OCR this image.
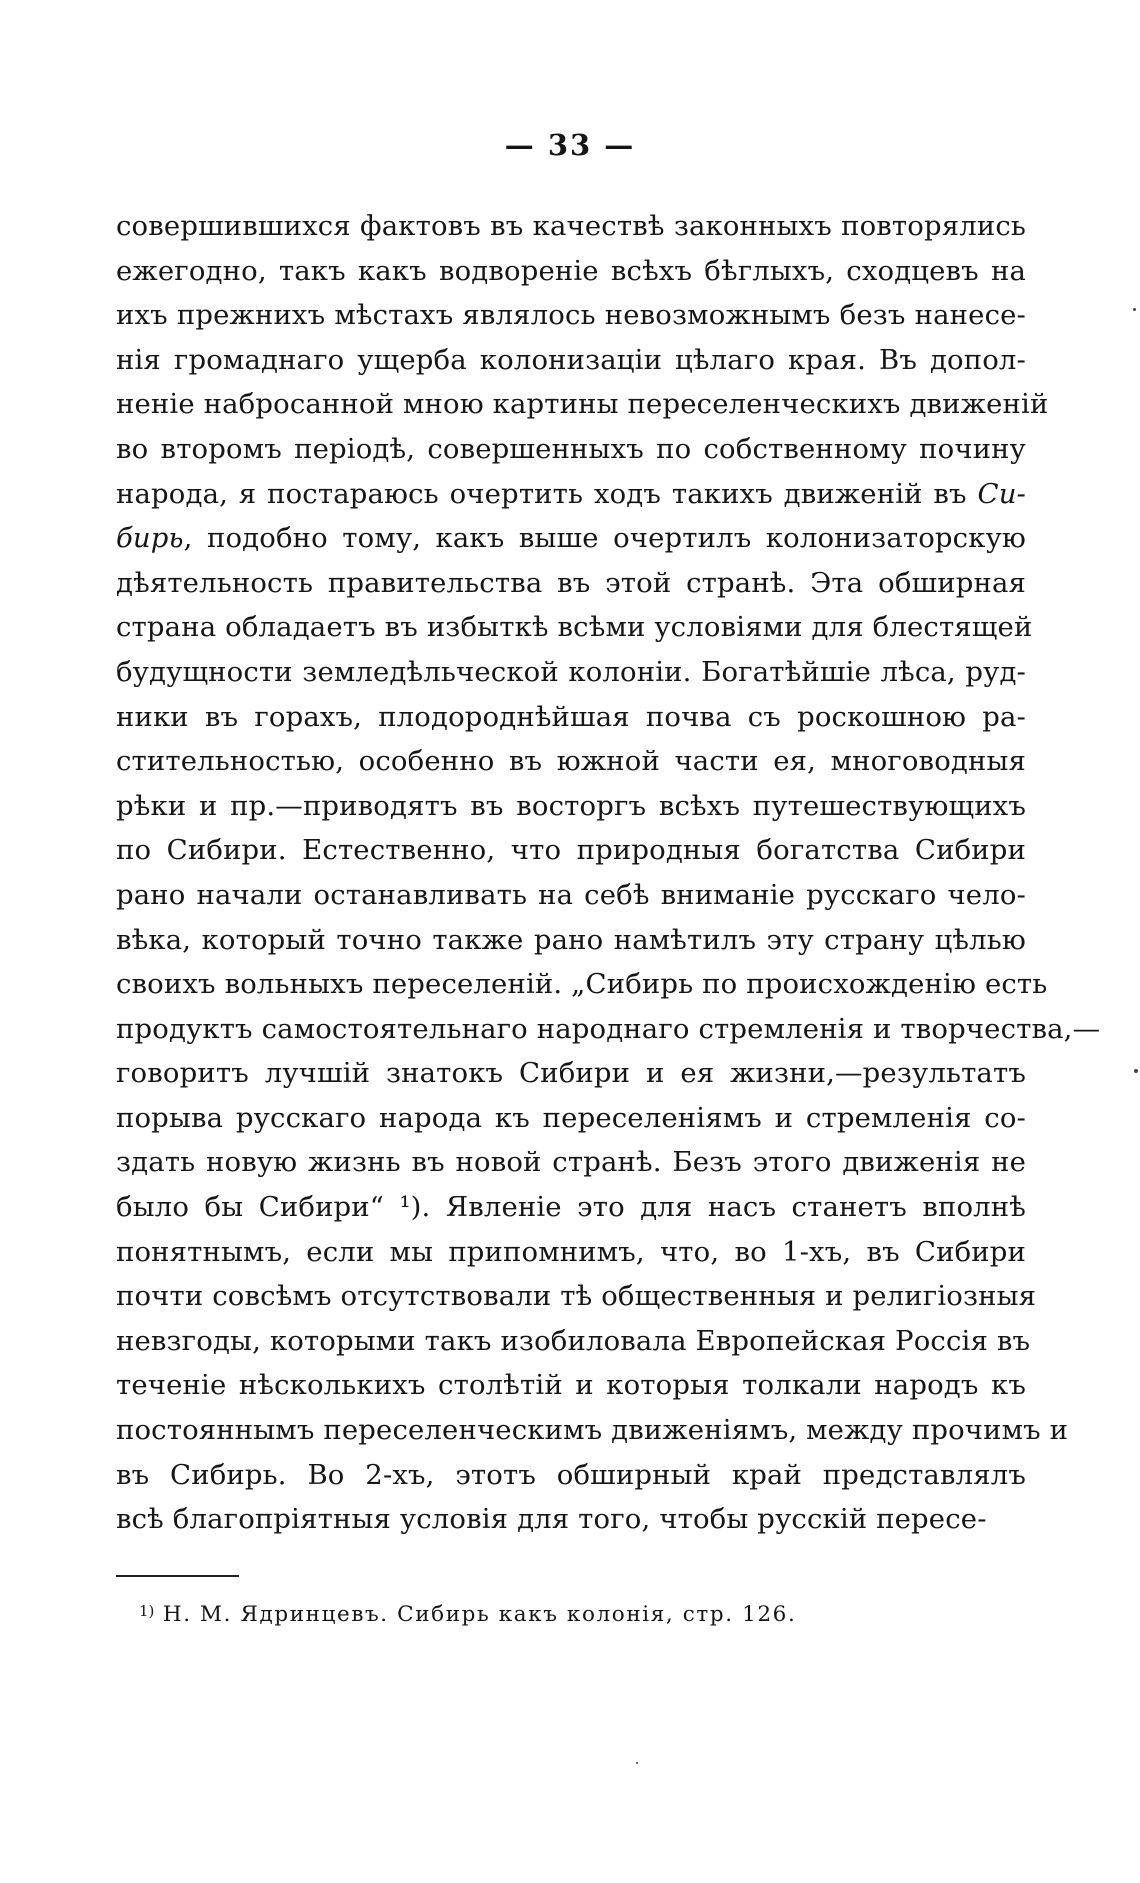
— 33 —
совершившихся фактовъ въ качествѣ законныхъ повторялись
ежегодно, такъ какъ водвореніе всѣхъ бѣглыхъ, сходцевъ на
ихъ прежнихъ мѣстахъ являлось невозможнымъ безъ нанесе-
нія громаднаго ущерба колонизаціи цѣлаго края. Въ допол-
неніе набросанной мною картины переселенческихъ движеній
во второмъ періодѣ, совершенныхъ по собственному почину
народа, я постараюсь очертить ходъ такихъ движеній въ Си-
бирь, подобно тому, какъ выше очертилъ колонизаторскую
дѣятельность правительства въ этой странѣ. Эта обширная
страна обладаетъ въ избыткѣ всѣми условіями для блестящей
будущности земледѣльческой колоніи. Богатѣйшіе лѣса, руд-
ники въ горахъ, плодороднѣйшая почва съ роскошною ра-
стительностью, особенно въ южной части ея, многоводныя
рѣки и пр.—приводятъ въ восторгъ всѣхъ путешествующихъ
по Сибири. Естественно, что природныя богатства Сибири
рано начали останавливать на себѣ вниманіе русскаго чело-
вѣка, который точно также рано намѣтилъ эту страну цѣлью
своихъ вольныхъ переселеній. „Сибирь по происхожденію есть
продуктъ самостоятельнаго народнаго стремленія и творчества,—
говоритъ лучшій знатокъ Сибири и ея жизни,—результатъ
порыва русскаго народа къ переселеніямъ и стремленія со-
здать новую жизнь въ новой странѣ. Безъ этого движенія не
было бы Сибири“ ¹). Явленіе это для насъ станетъ вполнѣ
понятнымъ, если мы припомнимъ, что, во 1-хъ, въ Сибири
почти совсѣмъ отсутствовали тѣ общественныя и религіозныя
невзгоды, которыми такъ изобиловала Европейская Россія въ
теченіе нѣсколькихъ столѣтій и которыя толкали народъ къ
постояннымъ переселенческимъ движеніямъ, между прочимъ и
въ Сибирь. Во 2-хъ, этотъ обширный край представлялъ
всѣ благопріятныя условія для того, чтобы русскій пересе-
$^{1)}$ Н. М. Ядринцевъ. Сибирь какъ колонія, стр. 126.
